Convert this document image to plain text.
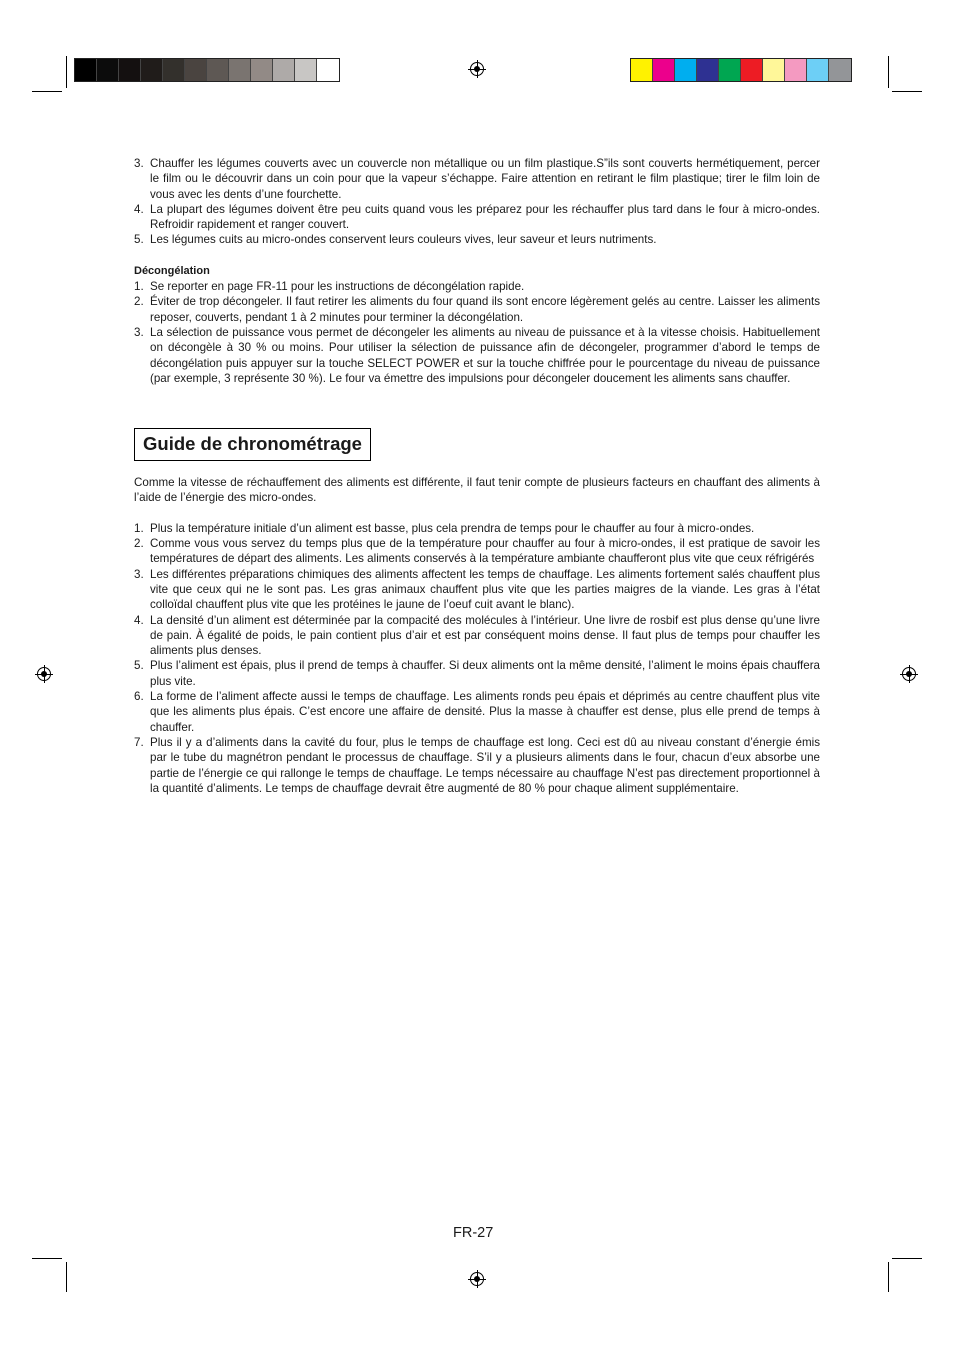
3. Chauffer les légumes couverts avec un couvercle non métallique ou un film plastique.S”ils sont couverts hermétiquement, percer le film ou le découvrir dans un coin pour que la vapeur s’échappe. Faire attention en retirant le film plastique; tirer le film loin de vous avec les dents d’une fourchette.
4. La plupart des légumes doivent être peu cuits quand vous les préparez pour les réchauffer plus tard dans le four à micro-ondes. Refroidir rapidement et ranger couvert.
5. Les légumes cuits au micro-ondes conservent leurs couleurs vives, leur saveur et leurs nutriments.
Décongélation
1. Se reporter en page FR-11 pour les instructions de décongélation rapide.
2. Éviter de trop décongeler. Il faut retirer les aliments du four quand ils sont encore légèrement gelés au centre. Laisser les aliments reposer, couverts, pendant 1 à 2 minutes pour terminer la décongélation.
3. La sélection de puissance vous permet de décongeler les aliments au niveau de puissance et à la vitesse choisis. Habituellement on décongèle à 30 % ou moins. Pour utiliser la sélection de puissance afin de décongeler, programmer d’abord le temps de décongélation puis appuyer sur la touche SELECT POWER et sur la touche chiffrée pour le pourcentage du niveau de puissance (par exemple, 3 représente 30 %). Le four va émettre des impulsions pour décongeler doucement les aliments sans chauffer.
Guide de chronométrage

Comme la vitesse de réchauffement des aliments est différente, il faut tenir compte de plusieurs facteurs en chauffant des aliments à l’aide de l’énergie des micro-ondes.

1. Plus la température initiale d’un aliment est basse, plus cela prendra de temps pour le chauffer au four à micro-ondes.
2. Comme vous vous servez du temps plus que de la température pour chauffer au four à micro-ondes, il est pratique de savoir les températures de départ des aliments. Les aliments conservés à la température ambiante chaufferont plus vite que ceux réfrigérés
3. Les différentes préparations chimiques des aliments affectent les temps de chauffage. Les aliments fortement salés chauffent plus vite que ceux qui ne le sont pas. Les gras animaux chauffent plus vite que les parties maigres de la viande. Les gras à l’état colloïdal chauffent plus vite que les protéines le jaune de l’oeuf cuit avant le blanc).
4. La densité d’un aliment est déterminée par la compacité des molécules à l’intérieur. Une livre de rosbif est plus dense qu’une livre de pain. À égalité de poids, le pain contient plus d’air et est par conséquent moins dense. Il faut plus de temps pour chauffer les aliments plus denses.
5. Plus l’aliment est épais, plus il prend de temps à chauffer. Si deux aliments ont la même densité, l’aliment le moins épais chauffera plus vite.
6. La forme de l’aliment affecte aussi le temps de chauffage. Les aliments ronds peu épais et déprimés au centre chauffent plus vite que les aliments plus épais. C’est encore une affaire de densité. Plus la masse à chauffer est dense, plus elle prend de temps à chauffer.
7. Plus il y a d’aliments dans la cavité du four, plus le temps de chauffage est long. Ceci est dû au niveau constant d’énergie émis par le tube du magnétron pendant le processus de chauffage. S’il y a plusieurs aliments dans le four, chacun d’eux absorbe une partie de l’énergie ce qui rallonge le temps de chauffage. Le temps nécessaire au chauffage N’est pas directement proportionnel à la quantité d’aliments. Le temps de chauffage devrait être augmenté de 80 % pour chaque aliment supplémentaire.
FR-27
